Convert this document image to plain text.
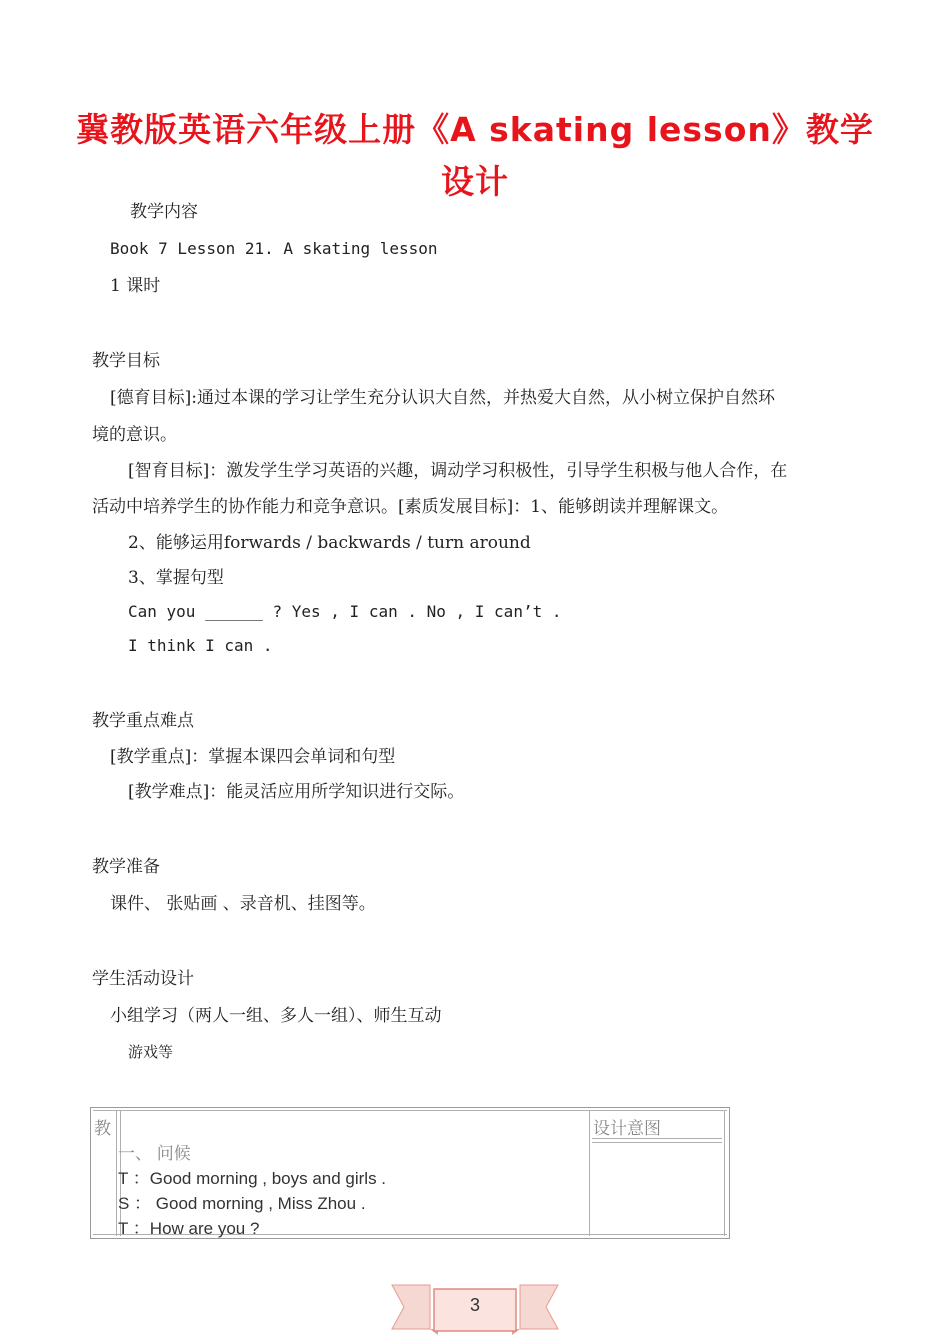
冀教版英语六年级上册《A skating lesson》教学
设计
教学内容
Book 7 Lesson 21. A skating lesson
1 课时
教学目标
[德育目标]:通过本课的学习让学生充分认识大自然，并热爱大自然，从小树立保护自然环
境的意识。
[智育目标]：激发学生学习英语的兴趣，调动学习积极性，引导学生积极与他人合作，在
活动中培养学生的协作能力和竞争意识。[素质发展目标]：1、能够朗读并理解课文。
2、能够运用forwards / backwards / turn around
3、掌握句型
Can you ______ ? Yes , I can . No , I can’t .
I think I can .
教学重点难点
[教学重点]：掌握本课四会单词和句型
[教学难点]：能灵活应用所学知识进行交际。
教学准备
课件、 张贴画 、录音机、挂图等。
学生活动设计
小组学习（两人一组、多人一组）、师生互动
游戏等
教	设计意图
一、 问候
T ：Good morning , boys and girls .
S ： Good morning , Miss Zhou .
T ：How are you ?
3
